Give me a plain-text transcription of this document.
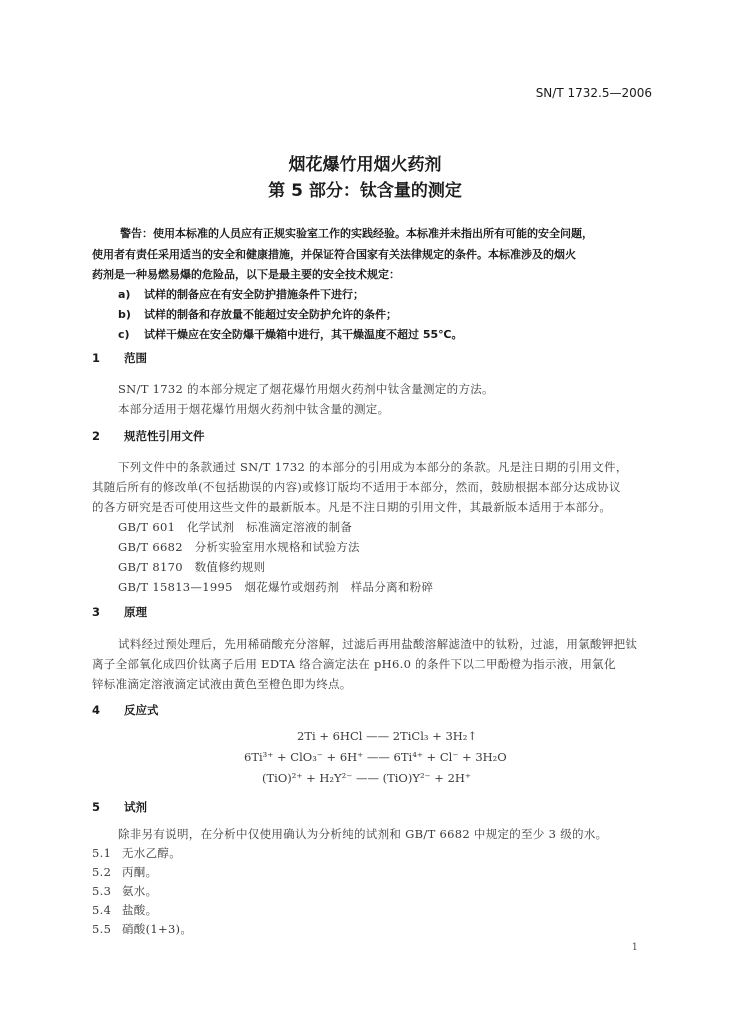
SN/T 1732.5—2006
烟花爆竹用烟火药剂
第 5 部分：钛含量的测定
警告：使用本标准的人员应有正规实验室工作的实践经验。本标准并未指出所有可能的安全问题，
使用者有责任采用适当的安全和健康措施，并保证符合国家有关法律规定的条件。本标准涉及的烟火
药剂是一种易燃易爆的危险品，以下是最主要的安全技术规定：
a) 试样的制备应在有安全防护措施条件下进行；
b) 试样的制备和存放量不能超过安全防护允许的条件；
c) 试样干燥应在安全防爆干燥箱中进行，其干燥温度不超过 55℃。
1 范围
SN/T 1732 的本部分规定了烟花爆竹用烟火药剂中钛含量测定的方法。
本部分适用于烟花爆竹用烟火药剂中钛含量的测定。
2 规范性引用文件
下列文件中的条款通过 SN/T 1732 的本部分的引用成为本部分的条款。凡是注日期的引用文件，
其随后所有的修改单(不包括勘误的内容)或修订版均不适用于本部分，然而，鼓励根据本部分达成协议
的各方研究是否可使用这些文件的最新版本。凡是不注日期的引用文件，其最新版本适用于本部分。
GB/T 601　化学试剂　标准滴定溶液的制备
GB/T 6682　分析实验室用水规格和试验方法
GB/T 8170　数值修约规则
GB/T 15813—1995　烟花爆竹或烟药剂　样品分离和粉碎
3 原理
试料经过预处理后，先用稀硝酸充分溶解，过滤后再用盐酸溶解滤渣中的钛粉，过滤，用氯酸钾把钛
离子全部氧化成四价钛离子后用 EDTA 络合滴定法在 pH6.0 的条件下以二甲酚橙为指示液，用氯化
锌标准滴定溶液滴定试液由黄色至橙色即为终点。
4 反应式
2Ti + 6HCl —— 2TiCl₃ + 3H₂↑
6Ti³⁺ + ClO₃⁻ + 6H⁺ —— 6Ti⁴⁺ + Cl⁻ + 3H₂O
(TiO)²⁺ + H₂Y²⁻ —— (TiO)Y²⁻ + 2H⁺
5 试剂
除非另有说明，在分析中仅使用确认为分析纯的试剂和 GB/T 6682 中规定的至少 3 级的水。
5.1 无水乙醇。
5.2 丙酮。
5.3 氨水。
5.4 盐酸。
5.5 硝酸(1+3)。
1
